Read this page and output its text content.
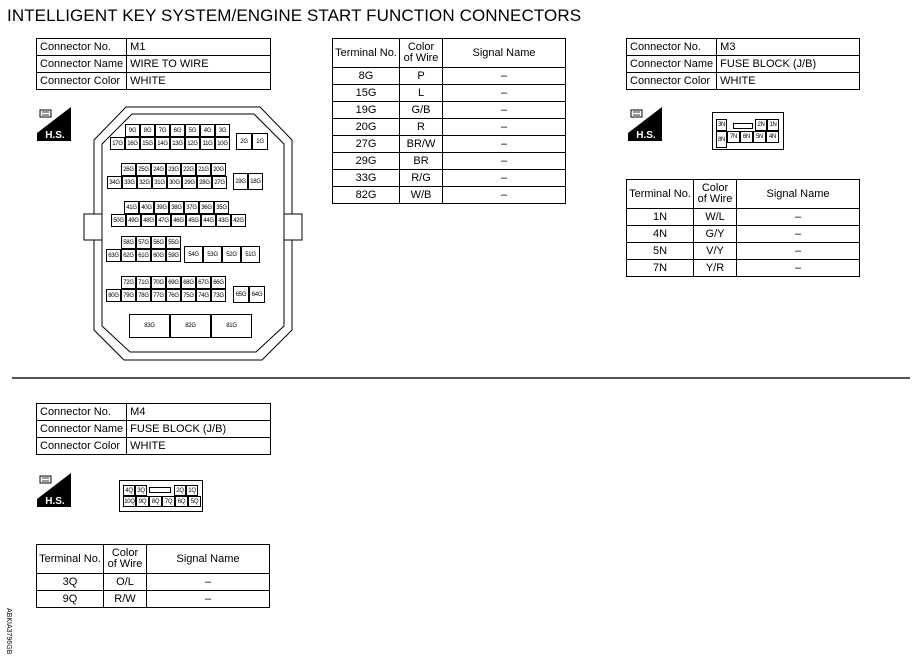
INTELLIGENT KEY SYSTEM/ENGINE START FUNCTION CONNECTORS
Connector No.	M1
Connector Name	WIRE TO WIRE
Connector Color	WHITE
H.S.	9G	8G	7G	6G	5G	4G	3G
17G 16G 15G 14G 13G 12G 11G 10G	2G	1G
26G 25G 24G 23G 22G 21G 20G
34G 33G 32G 31G 30G 29G 28G 27G	19G 18G
41G 40G 39G 38G 37G 36G 35G
50G 49G 48G 47G 46G 45G 44G 43G 42G
58G 57G 56G 55G
63G 62G 61G 60G 59G	54G	53G	52G	51G
72G 71G 70G 69G 68G 67G 66G
80G 79G 78G 77G 76G 75G 74G 73G	65G 64G
83G	82G	81G
Terminal No.	Color of Wire	Signal Name
8G	P	–
15G	L	–
19G	G/B	–
20G	R	–
27G	BR/W	–
29G	BR	–
33G	R/G	–
82G	W/B	–
Connector No.	M3
Connector Name	FUSE BLOCK (J/B)
Connector Color	WHITE
H.S.
3N	2N 1N
8N 7N 6N 5N 4N
Terminal No.	Color of Wire	Signal Name
1N	W/L	–
4N	G/Y	–
5N	V/Y	–
7N	Y/R	–
Connector No.	M4
Connector Name	FUSE BLOCK (J/B)
Connector Color	WHITE
H.S.
4Q 3Q	2Q 1Q
10Q 9Q 8Q 7Q 6Q 5Q
Terminal No.	Color of Wire	Signal Name
3Q	O/L	–
9Q	R/W	–
ABKIA3796GB
